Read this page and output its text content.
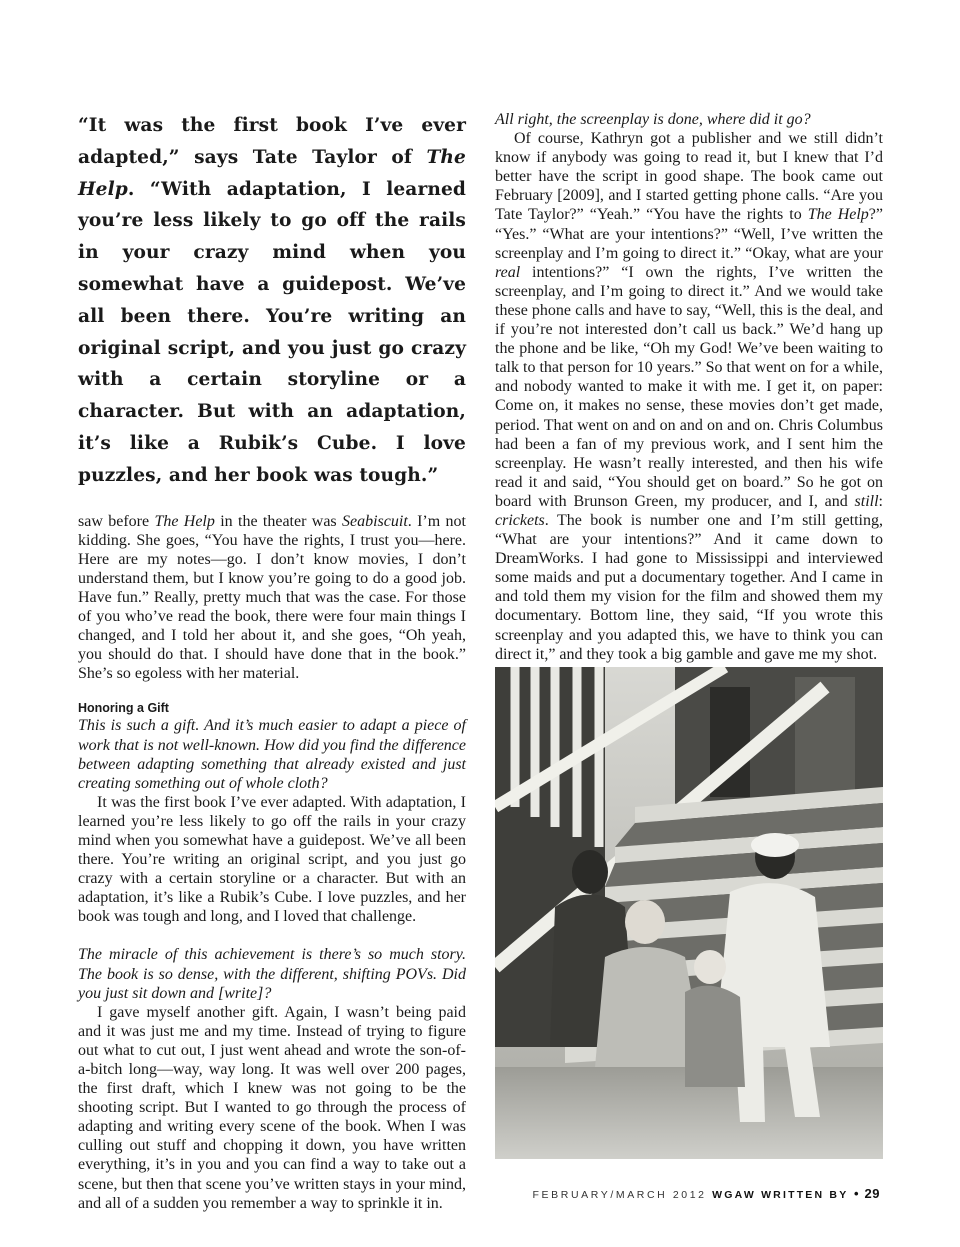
“It was the first book I’ve ever adapted,” says Tate Taylor of The Help. “With adaptation, I learned you’re less likely to go off the rails in your crazy mind when you somewhat have a guidepost. We’ve all been there. You’re writing an original script, and you just go crazy with a certain storyline or a character. But with an adaptation, it’s like a Rubik’s Cube. I love puzzles, and her book was tough.”

saw before The Help in the theater was Seabiscuit. I’m not kidding. She goes, “You have the rights, I trust you—here. Here are my notes—go. I don’t know movies, I don’t understand them, but I know you’re going to do a good job. Have fun.” Really, pretty much that was the case. For those of you who’ve read the book, there were four main things I changed, and I told her about it, and she goes, “Oh yeah, you should do that. I should have done that in the book.” She’s so egoless with her material.

Honoring a Gift

This is such a gift. And it’s much easier to adapt a piece of work that is not well-known. How did you find the difference between adapting something that already existed and just creating something out of whole cloth?

It was the first book I’ve ever adapted. With adaptation, I learned you’re less likely to go off the rails in your crazy mind when you somewhat have a guidepost. We’ve all been there. You’re writing an original script, and you just go crazy with a certain storyline or a character. But with an adaptation, it’s like a Rubik’s Cube. I love puzzles, and her book was tough and long, and I loved that challenge.

The miracle of this achievement is there’s so much story. The book is so dense, with the different, shifting POVs. Did you just sit down and [write]?

I gave myself another gift. Again, I wasn’t being paid and it was just me and my time. Instead of trying to figure out what to cut out, I just went ahead and wrote the son-of-a-bitch long—way, way long. It was well over 200 pages, the first draft, which I knew was not going to be the shooting script. But I wanted to go through the process of adapting and writing every scene of the book. When I was culling out stuff and chopping it down, you have written everything, it’s in you and you can find a way to take out a scene, but then that scene you’ve written stays in your mind, and all of a sudden you remember a way to sprinkle it in.

All right, the screenplay is done, where did it go?

Of course, Kathryn got a publisher and we still didn’t know if anybody was going to read it, but I knew that I’d better have the script in good shape. The book came out February [2009], and I started getting phone calls. “Are you Tate Taylor?” “Yeah.” “You have the rights to The Help?” “Yes.” “What are your intentions?” “Well, I’ve written the screenplay and I’m going to direct it.” “Okay, what are your real intentions?” “I own the rights, I’ve written the screenplay, and I’m going to direct it.” And we would take these phone calls and have to say, “Well, this is the deal, and if you’re not interested don’t call us back.” We’d hang up the phone and be like, “Oh my God! We’ve been waiting to talk to that person for 10 years.” So that went on for a while, and nobody wanted to make it with me. I get it, on paper: Come on, it makes no sense, these movies don’t get made, period. That went on and on and on and on. Chris Columbus had been a fan of my previous work, and I sent him the screenplay. He wasn’t really interested, and then his wife read it and said, “You should get on board.” So he got on board with Brunson Green, my producer, and I, and still: crickets. The book is number one and I’m still getting, “What are your intentions?” And it came down to DreamWorks. I had gone to Mississippi and interviewed some maids and put a documentary together. And I came in and told them my vision for the film and showed them my documentary. Bottom line, they said, “If you wrote this screenplay and you adapted this, we have to think you can direct it,” and they took a big gamble and gave me my shot.

FEBRUARY/MARCH 2012 WGAW WRITTEN BY • 29
